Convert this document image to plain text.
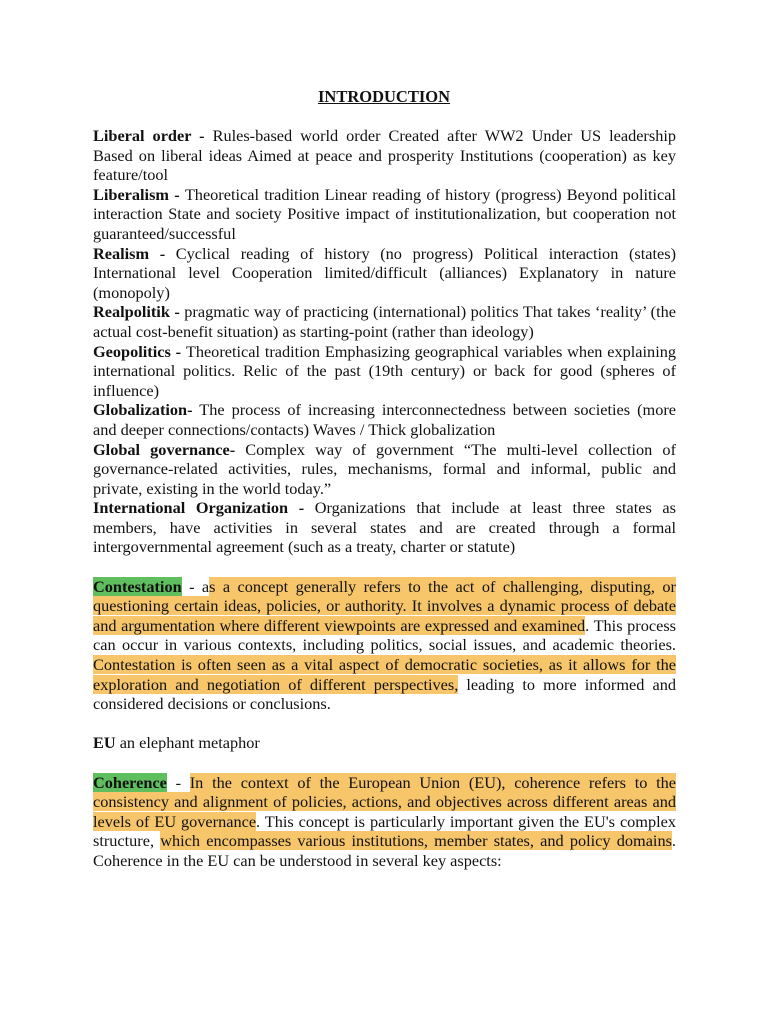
INTRODUCTION

Liberal order - Rules-based world order Created after WW2 Under US leadership Based on liberal ideas Aimed at peace and prosperity Institutions (cooperation) as key feature/tool

Liberalism - Theoretical tradition Linear reading of history (progress) Beyond political interaction State and society Positive impact of institutionalization, but cooperation not guaranteed/successful

Realism - Cyclical reading of history (no progress) Political interaction (states) International level Cooperation limited/difficult (alliances) Explanatory in nature (monopoly)

Realpolitik - pragmatic way of practicing (international) politics That takes ‘reality’ (the actual cost-benefit situation) as starting-point (rather than ideology)

Geopolitics - Theoretical tradition Emphasizing geographical variables when explaining international politics. Relic of the past (19th century) or back for good (spheres of influence)

Globalization- The process of increasing interconnectedness between societies (more and deeper connections/contacts) Waves / Thick globalization

Global governance- Complex way of government “The multi-level collection of governance-related activities, rules, mechanisms, formal and informal, public and private, existing in the world today.”

International Organization - Organizations that include at least three states as members, have activities in several states and are created through a formal intergovernmental agreement (such as a treaty, charter or statute)

Contestation - as a concept generally refers to the act of challenging, disputing, or questioning certain ideas, policies, or authority. It involves a dynamic process of debate and argumentation where different viewpoints are expressed and examined. This process can occur in various contexts, including politics, social issues, and academic theories. Contestation is often seen as a vital aspect of democratic societies, as it allows for the exploration and negotiation of different perspectives, leading to more informed and considered decisions or conclusions.

EU an elephant metaphor

Coherence - In the context of the European Union (EU), coherence refers to the consistency and alignment of policies, actions, and objectives across different areas and levels of EU governance. This concept is particularly important given the EU's complex structure, which encompasses various institutions, member states, and policy domains. Coherence in the EU can be understood in several key aspects:
